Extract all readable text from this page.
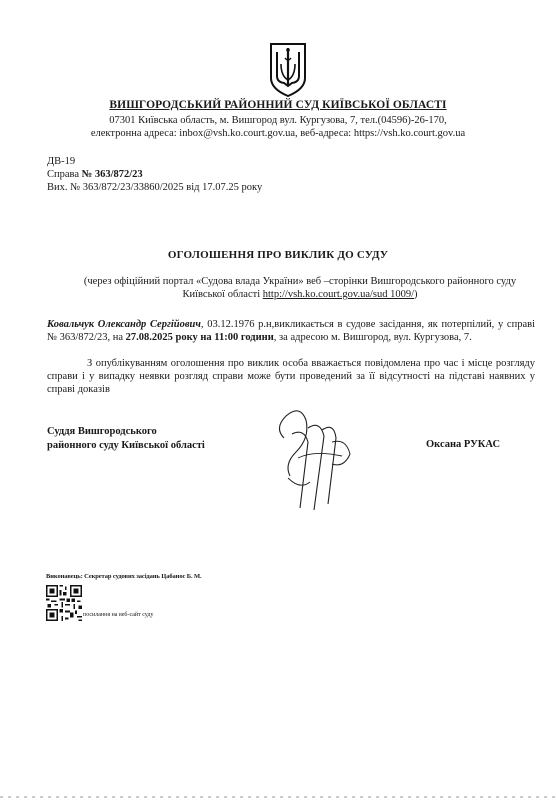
ВИШГОРОДСЬКИЙ РАЙОННИЙ СУД КИЇВСЬКОЇ ОБЛАСТІ
07301 Київська область, м. Вишгород вул. Кургузова, 7, тел.(04596)-26-170,
електронна адреса: inbox@vsh.ko.court.gov.ua, веб-адреса: https://vsh.ko.court.gov.ua
ДВ-19
Справа № 363/872/23
Вих. № 363/872/23/33860/2025 від 17.07.25 року
ОГОЛОШЕННЯ ПРО ВИКЛИК ДО СУДУ
(через офіційний портал «Судова влада України» веб –сторінки Вишгородського районного суду Київської області http://vsh.ko.court.gov.ua/sud 1009/)
Ковальчук Олександр Сергійович, 03.12.1976 р.н,викликається в судове засідання, як потерпілий, у справі № 363/872/23, на 27.08.2025 року на 11:00 години, за адресою м. Вишгород, вул. Кургузова, 7.
З опублікуванням оголошення про виклик особа вважається повідомлена про час і місце розгляду справи і у випадку неявки розгляд справи може бути проведений за її відсутності на підставі наявних у справі доказів
Суддя Вишгородського
районного суду Київської області	Оксана РУКАС
Виконавець: Секретар судових засідань Цабанос Б. М.
посилання на веб-сайт суду
